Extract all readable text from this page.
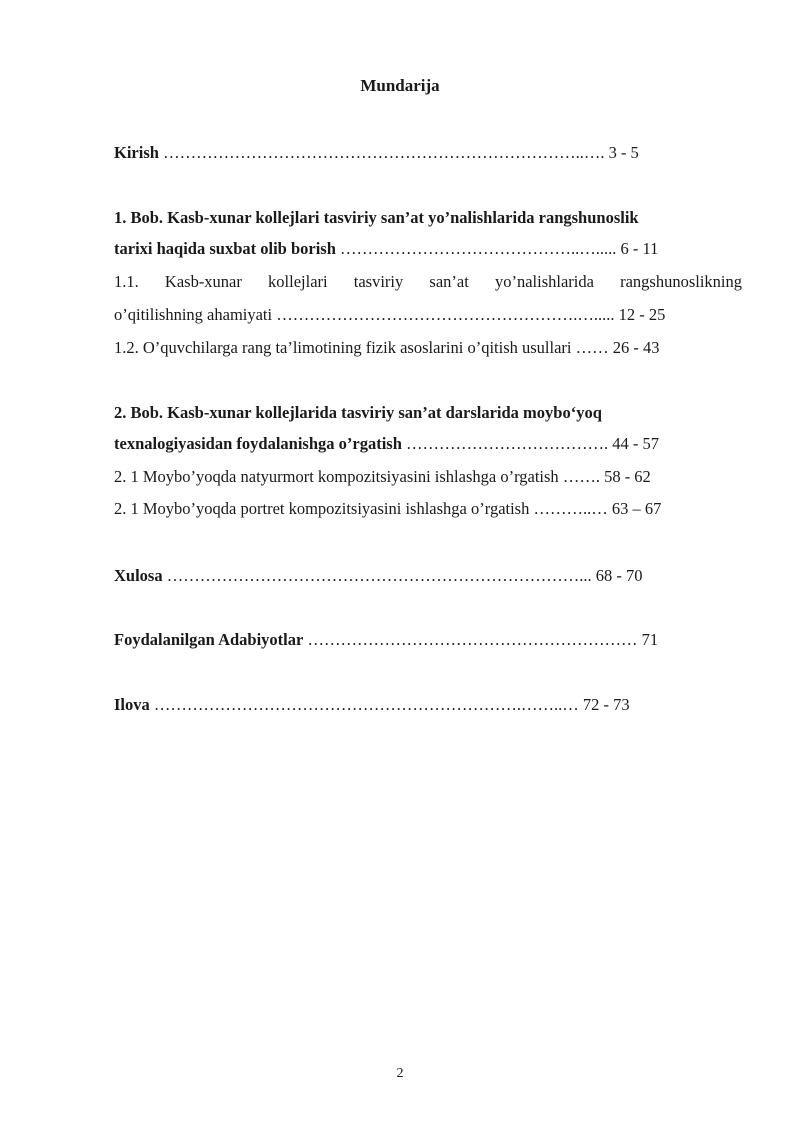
Mundarija
Kirish …………………………………………………………………..…. 3 - 5
1. Bob. Kasb-xunar kollejlari tasviriy san’at yo’nalishlarida rangshunoslik
tarixi haqida suxbat olib borish ……………………………………..…..... 6 - 11
1.1. Kasb-xunar kollejlari tasviriy san’at yo’nalishlarida rangshunoslikning
o’qitilishning ahamiyati ……………………………………………….…..... 12 - 25
1.2. O’quvchilarga rang ta’limotining fizik asoslarini o’qitish usullari …… 26 - 43
2. Bob. Kasb-xunar kollejlarida tasviriy san’at darslarida moybo‘yoq
texnalogiyasidan foydalanishga o’rgatish ………………………………. 44 - 57
2. 1 Moybo’yoqda natyurmort kompozitsiyasini ishlashga o’rgatish ……. 58 - 62
2. 1 Moybo’yoqda portret kompozitsiyasini ishlashga o’rgatish ………..… 63 – 67
Xulosa …………………………………………………………………... 68 - 70
Foydalanilgan Adabiyotlar …………………………………………………… 71
Ilova ………………………………………………………….……..… 72 - 73
2
